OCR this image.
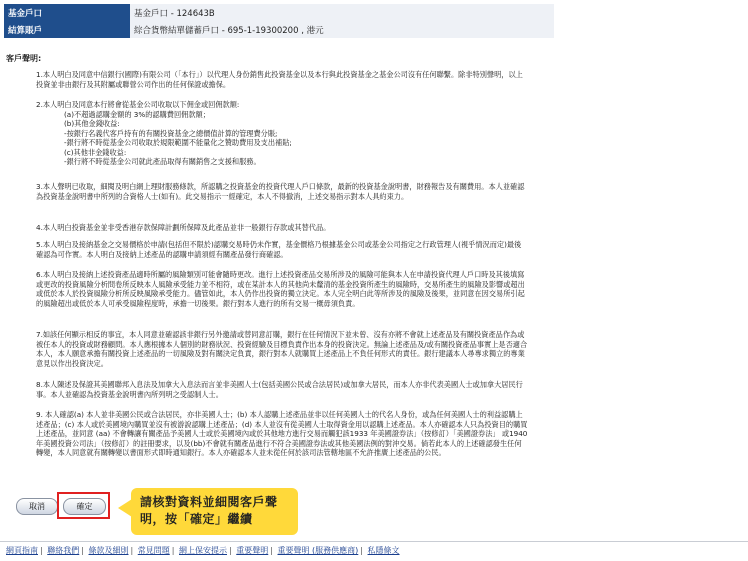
基金戶口	基金戶口 - 124643B
結算賬戶	綜合貨幣結單儲蓄戶口 - 695-1-19300200 , 港元
客戶聲明:

1.本人明白及同意中信銀行(國際)有限公司（「本行」）以代理人身份銷售此投資基金以及本行與此投資基金之基金公司沒有任何聯繫。除非特別聲明，以上投資並非由銀行及其附屬或聯營公司作出的任何保證或擔保。

2.本人明白及同意本行將會從基金公司收取以下佣金或回佣款額:
(a)不超過認購金額的 3%的認購費回佣款額；
(b)其他金錢收益:
-按銀行名義代客戶持有的有關投資基金之總價值計算的管理費分賬;
-銀行將不時從基金公司收取於規限範圍不能量化之贊助費用及支出補貼;
(c)其他非金錢收益:
-銀行將不時從基金公司就此產品取得有關銷售之支援和服務。

3.本人聲明已收取，細閱及明白網上理財服務條款，所認購之投資基金的投資代理人戶口條款，最新的投資基金說明書，財務報告及有關費用。本人並確認為投資基金說明書中所列的合資格人士(如有)。此交易指示一經確定，本人不得撤消，上述交易指示對本人具約束力。

4.本人明白投資基金並非受香港存款保障計劃所保障及此產品並非一般銀行存款或其替代品。

5.本人明白及接納基金之交易價格於申請(包括但不限於)認購交易時仍未作實，基金價格乃根據基金公司或基金公司指定之行政管理人(視乎情況而定)最後確認為可作實。本人明白及接納上述產品的認購申請須經有關產品發行商確認。

6.本人明白及接納上述投資產品適時所屬的風險類別可能會隨時更改。進行上述投資產品交易所涉及的風險可能與本人在申請投資代理人戶口時及其後填寫或更改的投資風險分析問卷所反映本人風險承受能力並不相符，或在某計本人的其他尚未釐清的基金投資所產生的風險時，交易所產生的風險及影響或超出或低於本人於投資風險分析所反映風險承受能力。儘管如此，本人仍作出投資的獨立決定。本人完全明白此等所涉及的風險及後果，並同意在因交易所引起的風險超出或低於本人可承受風險程度時，承擔一切後果。銀行對本人進行的所有交易一概毋須負責。

7.如該任何顯示相反的事宜，本人同意並確認該非銀行另外邀請或替同意訂購，銀行在任何情況下並未曾、沒有亦將不會就上述產品及有關投資產品作為或被任本人的投資或財務顧問。本人應根據本人個別的財務狀況、投資經驗及目標負責作出本身的投資決定。無論上述產品及/或有關投資產品事實上是否適合本人，本人願意承擔有關投資上述產品的一切風險及對有關決定負責，銀行對本人就購買上述產品上不負任何形式的責任。銀行建議本人尋專求獨立的專業意見以作出投資決定。

8.本人陳述及保證其美國聯邦入息法及加拿大入息法而言並非美國人士(包括美國公民或合法居民)或加拿大居民，而本人亦非代表美國人士或加拿大居民行事。本人並確認為投資基金說明書內所列明之受認制人士。

9. 本人確認(a) 本人並非美國公民或合法居民，亦非美國人士；(b) 本人認購上述產品並非以任何美國人士的代名人身份，或為任何美國人士的利益認購上述產品；(c) 本人或於美國境內購買並沒有被游說認購上述產品；(d) 本人並沒有從美國人士取得資金用以認購上述產品。本人亦確認本人只為投資目的購買上述產品，並同意 (aa) 不會轉讓有關產品予美國人士或於美國境內或於其他地方進行交易而觸犯該1933 年美國證券法」（按修訂）「美國證券法」 或1940年美國投資公司法」（按修訂）的註冊要求，以及(bb)不會就有關產品進行不符合美國證券法或其他美國法例的對沖交易。倘若此本人的上述確認發生任何轉變，本人同意就有關轉變以書面形式即時通知銀行。本人亦確認本人並未從任何於該司法管轄地區不允許推廣上述產品的公民。

取消	確定	請核對資料並細閱客戶聲明，按「確定」繼續
網頁指南 | 聯絡我們 | 條款及細則 | 常見問題 | 網上保安提示 | 重要聲明 | 重要聲明 (服務供應商) | 私隱條文
